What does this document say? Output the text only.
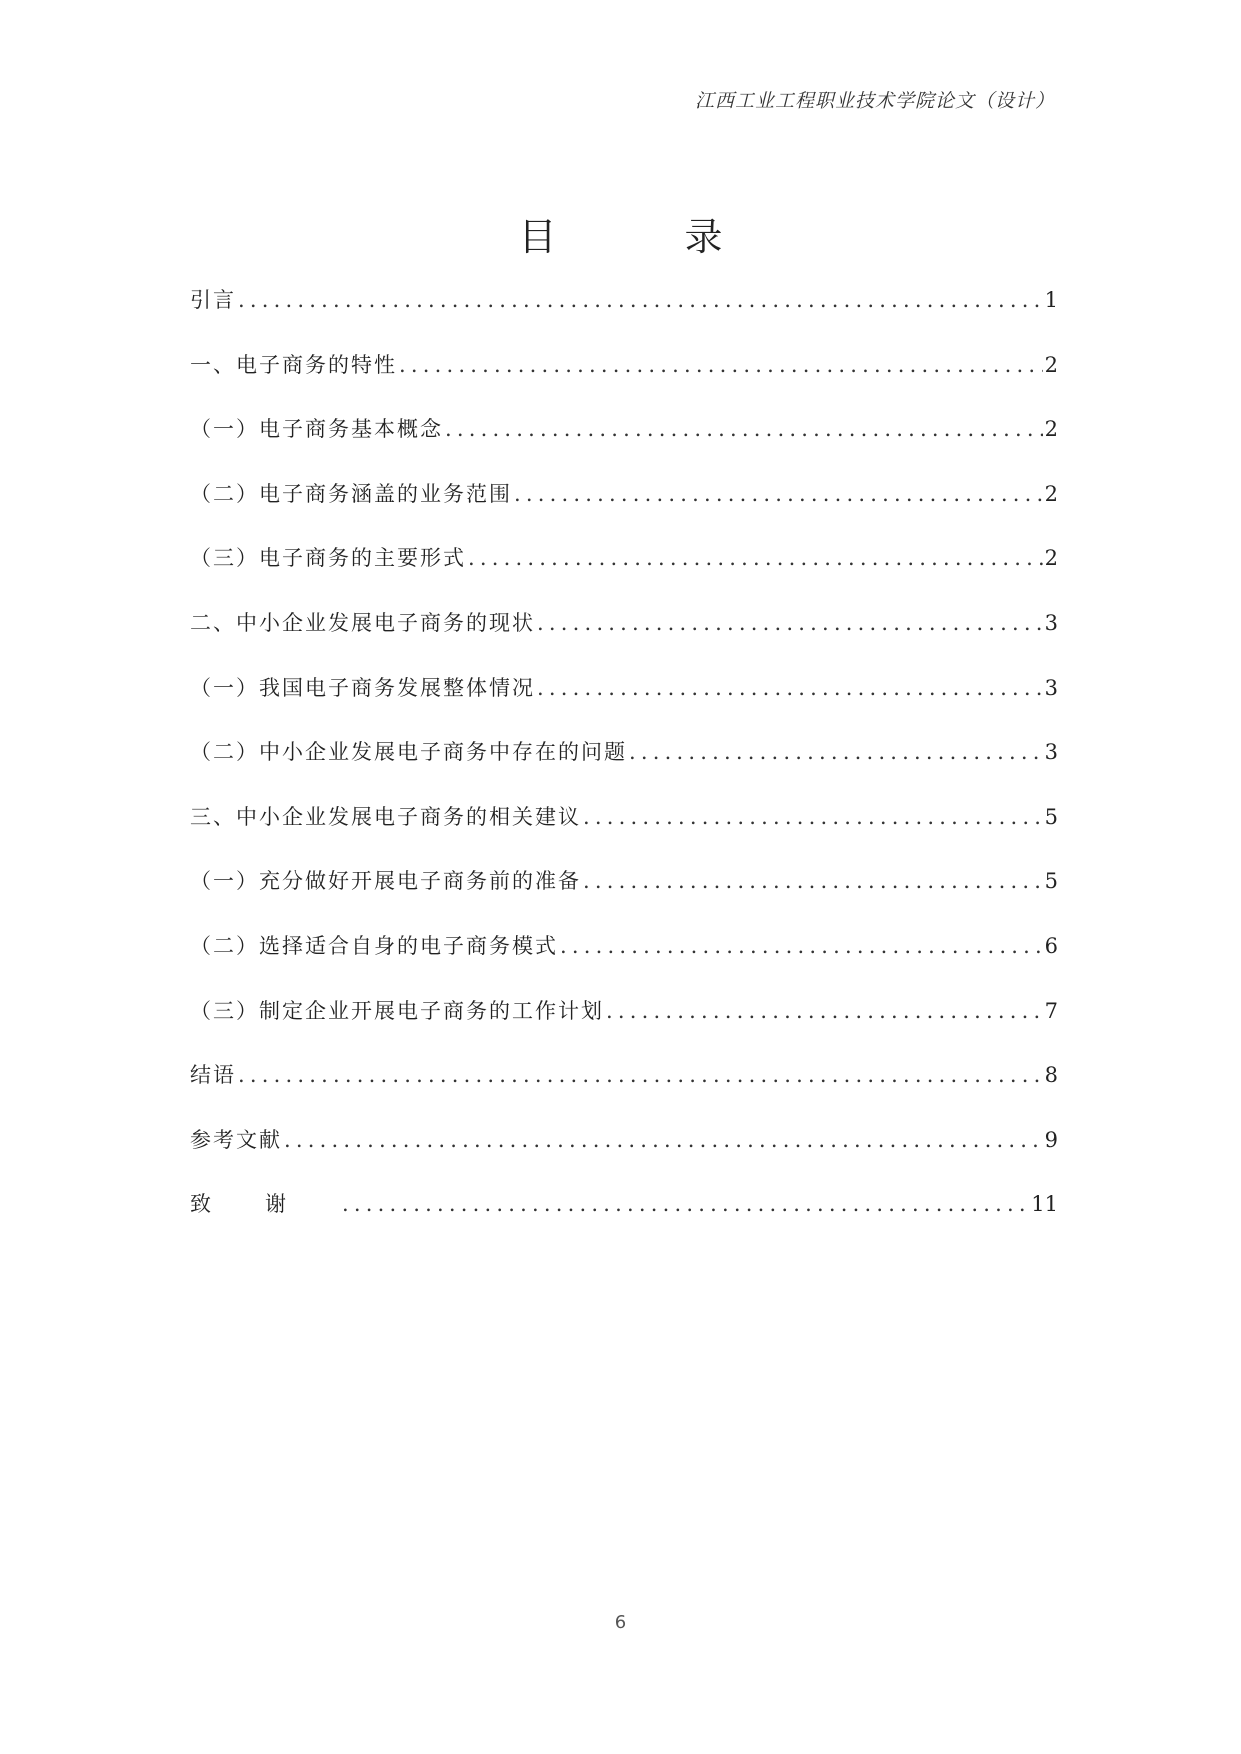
江西工业工程职业技术学院论文（设计）
目	录
引言 .....	1
一、电子商务的特性 .....	2
（一）电子商务基本概念 .....	2
（二）电子商务涵盖的业务范围 .....	2
（三）电子商务的主要形式 .....	2
二、中小企业发展电子商务的现状 .....	3
（一）我国电子商务发展整体情况 .....	3
（二）中小企业发展电子商务中存在的问题 .....	3
三、中小企业发展电子商务的相关建议 .....	5
（一）充分做好开展电子商务前的准备 .....	5
（二）选择适合自身的电子商务模式 .....	6
（三）制定企业开展电子商务的工作计划 .....	7
结语 .....	8
参考文献 .....	9
致谢 .....	11
6
